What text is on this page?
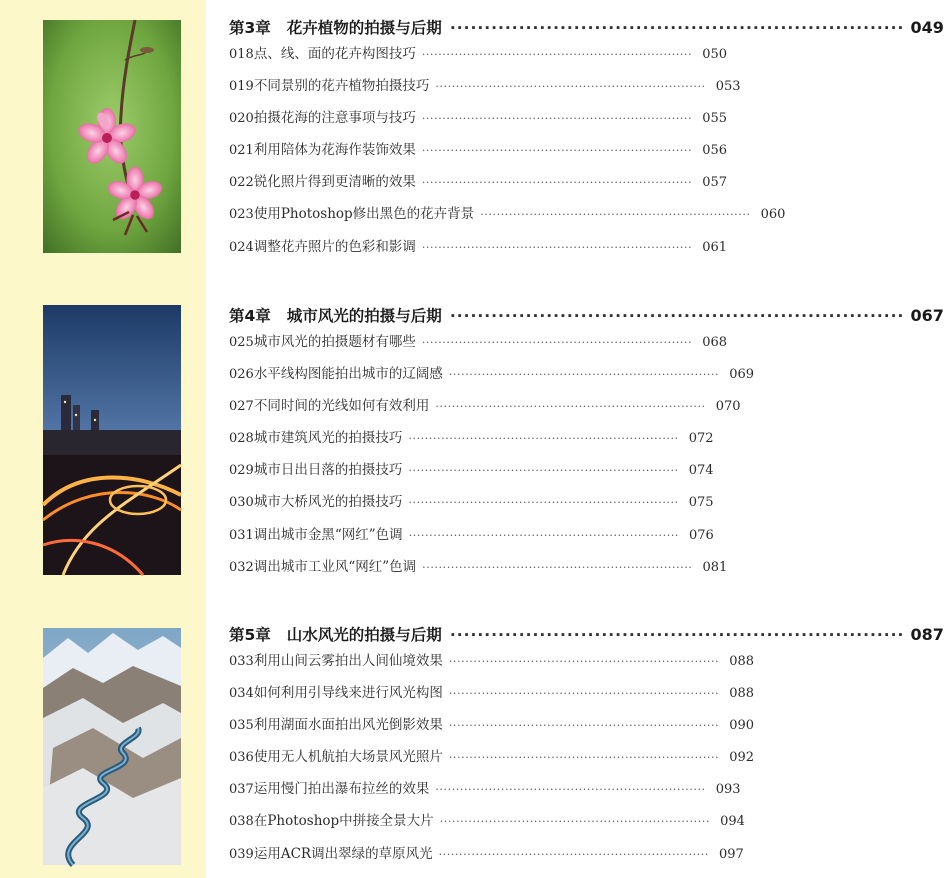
第3章 花卉植物的拍摄与后期 ·································································· 049
018 点、线、面的花卉构图技巧 ·································································· 050
019 不同景别的花卉植物拍摄技巧 ·································································· 053
020 拍摄花海的注意事项与技巧 ·································································· 055
021 利用陪体为花海作装饰效果 ·································································· 056
022 锐化照片得到更清晰的效果 ·································································· 057
023 使用Photoshop修出黑色的花卉背景 ·································································· 060
024 调整花卉照片的色彩和影调 ·································································· 061
第4章 城市风光的拍摄与后期 ·································································· 067
025 城市风光的拍摄题材有哪些 ·································································· 068
026 水平线构图能拍出城市的辽阔感 ·································································· 069
027 不同时间的光线如何有效利用 ·································································· 070
028 城市建筑风光的拍摄技巧 ·································································· 072
029 城市日出日落的拍摄技巧 ·································································· 074
030 城市大桥风光的拍摄技巧 ·································································· 075
031 调出城市金黑“网红”色调 ·································································· 076
032 调出城市工业风“网红”色调 ·································································· 081
第5章 山水风光的拍摄与后期 ·································································· 087
033 利用山间云雾拍出人间仙境效果 ·································································· 088
034 如何利用引导线来进行风光构图 ·································································· 088
035 利用湖面水面拍出风光倒影效果 ·································································· 090
036 使用无人机航拍大场景风光照片 ·································································· 092
037 运用慢门拍出瀑布拉丝的效果 ·································································· 093
038 在Photoshop中拼接全景大片 ·································································· 094
039 运用ACR调出翠绿的草原风光 ·································································· 097
